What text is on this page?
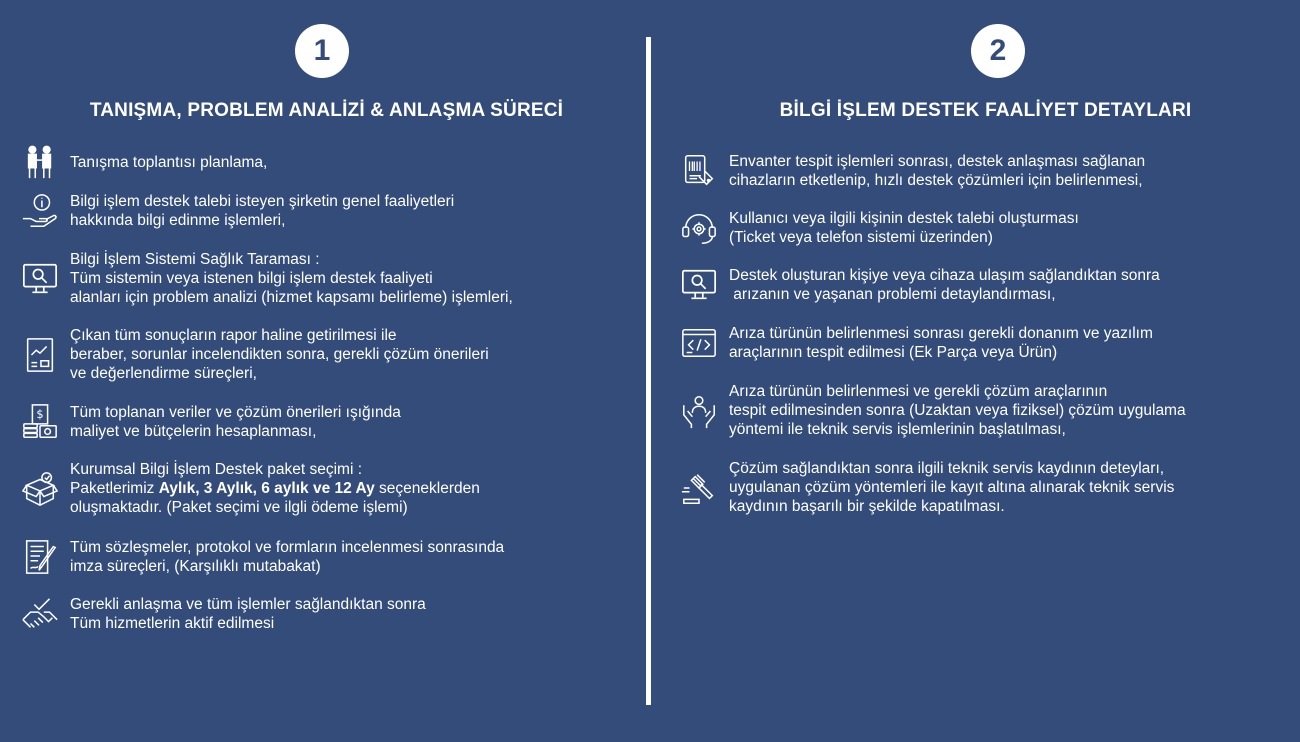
1
TANIŞMA, PROBLEM ANALİZİ & ANLAŞMA SÜRECİ
Tanışma toplantısı planlama,
Bilgi işlem destek talebi isteyen şirketin genel faaliyetleri
hakkında bilgi edinme işlemleri,
Bilgi İşlem Sistemi Sağlık Taraması :
Tüm sistemin veya istenen bilgi işlem destek faaliyeti
alanları için problem analizi (hizmet kapsamı belirleme) işlemleri,
Çıkan tüm sonuçların rapor haline getirilmesi ile
beraber, sorunlar incelendikten sonra, gerekli çözüm önerileri
ve değerlendirme süreçleri,
$ Tüm toplanan veriler ve çözüm önerileri ışığında
maliyet ve bütçelerin hesaplanması,
Kurumsal Bilgi İşlem Destek paket seçimi :
Paketlerimiz Aylık, 3 Aylık, 6 aylık ve 12 Ay seçeneklerden
oluşmaktadır. (Paket seçimi ve ilgli ödeme işlemi)
Tüm sözleşmeler, protokol ve formların incelenmesi sonrasında
imza süreçleri, (Karşılıklı mutabakat)
Gerekli anlaşma ve tüm işlemler sağlandıktan sonra
Tüm hizmetlerin aktif edilmesi
2
BİLGİ İŞLEM DESTEK FAALİYET DETAYLARI
Envanter tespit işlemleri sonrası, destek anlaşması sağlanan
cihazların etketlenip, hızlı destek çözümleri için belirlenmesi,
Kullanıcı veya ilgili kişinin destek talebi oluşturması
(Ticket veya telefon sistemi üzerinden)
Destek oluşturan kişiye veya cihaza ulaşım sağlandıktan sonra
arızanın ve yaşanan problemi detaylandırması,
Arıza türünün belirlenmesi sonrası gerekli donanım ve yazılım
araçlarının tespit edilmesi (Ek Parça veya Ürün)
Arıza türünün belirlenmesi ve gerekli çözüm araçlarının
tespit edilmesinden sonra (Uzaktan veya fiziksel) çözüm uygulama
yöntemi ile teknik servis işlemlerinin başlatılması,
Çözüm sağlandıktan sonra ilgili teknik servis kaydının deteyları,
uygulanan çözüm yöntemleri ile kayıt altına alınarak teknik servis
kaydının başarılı bir şekilde kapatılması.
